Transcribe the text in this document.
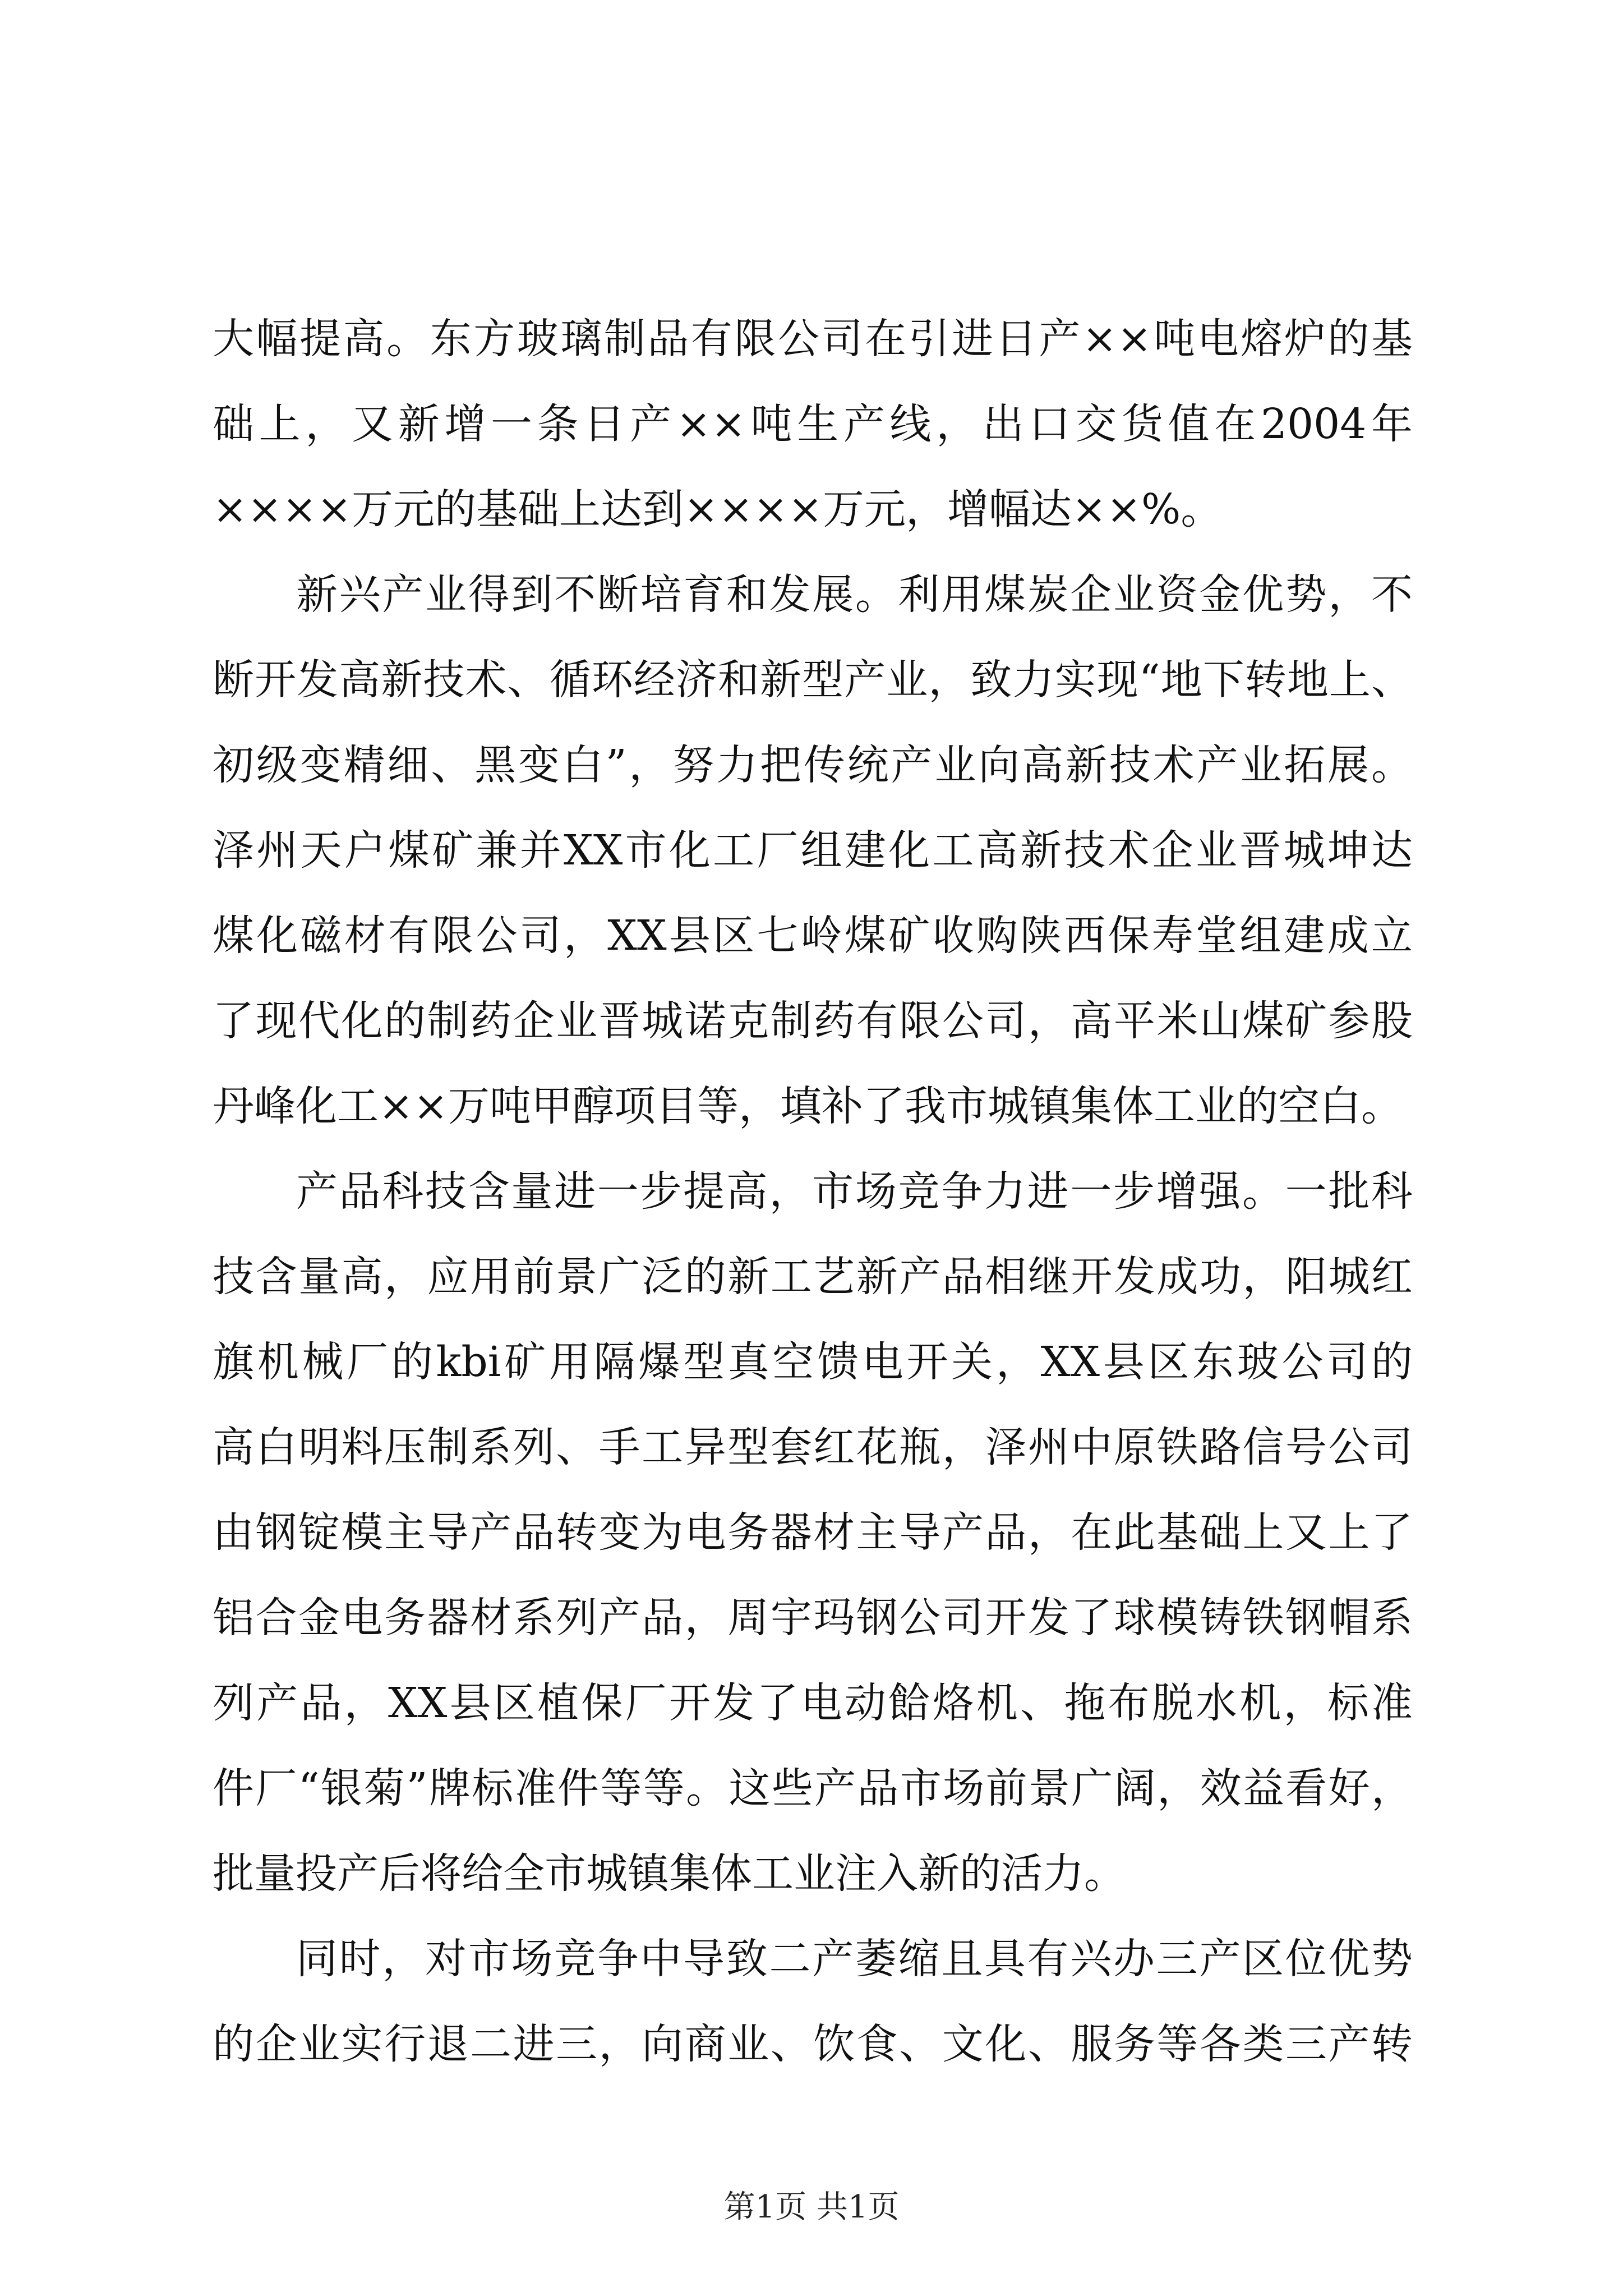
大幅提高。东方玻璃制品有限公司在引进日产××吨电熔炉的基
础上，又新增一条日产××吨生产线，出口交货值在2004年
××××万元的基础上达到××××万元，增幅达××%。
新兴产业得到不断培育和发展。利用煤炭企业资金优势，不
断开发高新技术、循环经济和新型产业，致力实现“地下转地上、
初级变精细、黑变白”，努力把传统产业向高新技术产业拓展。
泽州天户煤矿兼并XX市化工厂组建化工高新技术企业晋城坤达
煤化磁材有限公司，XX县区七岭煤矿收购陕西保寿堂组建成立
了现代化的制药企业晋城诺克制药有限公司，高平米山煤矿参股
丹峰化工××万吨甲醇项目等，填补了我市城镇集体工业的空白。
产品科技含量进一步提高，市场竞争力进一步增强。一批科
技含量高，应用前景广泛的新工艺新产品相继开发成功，阳城红
旗机械厂的kbi矿用隔爆型真空馈电开关，XX县区东玻公司的
高白明料压制系列、手工异型套红花瓶，泽州中原铁路信号公司
由钢锭模主导产品转变为电务器材主导产品，在此基础上又上了
铝合金电务器材系列产品，周宇玛钢公司开发了球模铸铁钢帽系
列产品，XX县区植保厂开发了电动餄烙机、拖布脱水机，标准
件厂“银菊”牌标准件等等。这些产品市场前景广阔，效益看好，
批量投产后将给全市城镇集体工业注入新的活力。
同时，对市场竞争中导致二产萎缩且具有兴办三产区位优势
的企业实行退二进三，向商业、饮食、文化、服务等各类三产转
第1页 共1页
